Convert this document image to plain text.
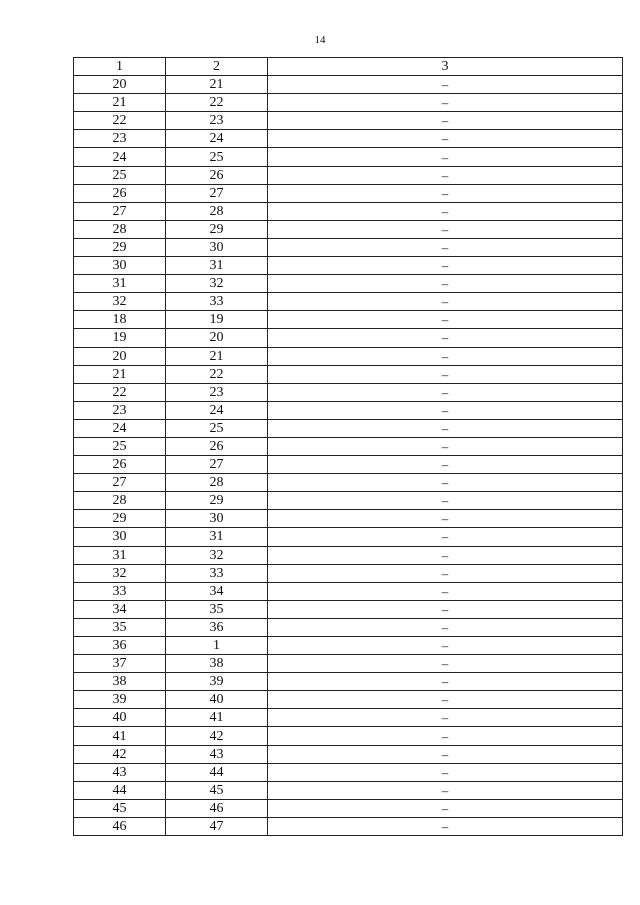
14
1	2	3
20	21	–
21	22	–
22	23	–
23	24	–
24	25	–
25	26	–
26	27	–
27	28	–
28	29	–
29	30	–
30	31	–
31	32	–
32	33	–
18	19	–
19	20	–
20	21	–
21	22	–
22	23	–
23	24	–
24	25	–
25	26	–
26	27	–
27	28	–
28	29	–
29	30	–
30	31	–
31	32	–
32	33	–
33	34	–
34	35	–
35	36	–
36	1	–
37	38	–
38	39	–
39	40	–
40	41	–
41	42	–
42	43	–
43	44	–
44	45	–
45	46	–
46	47	–
